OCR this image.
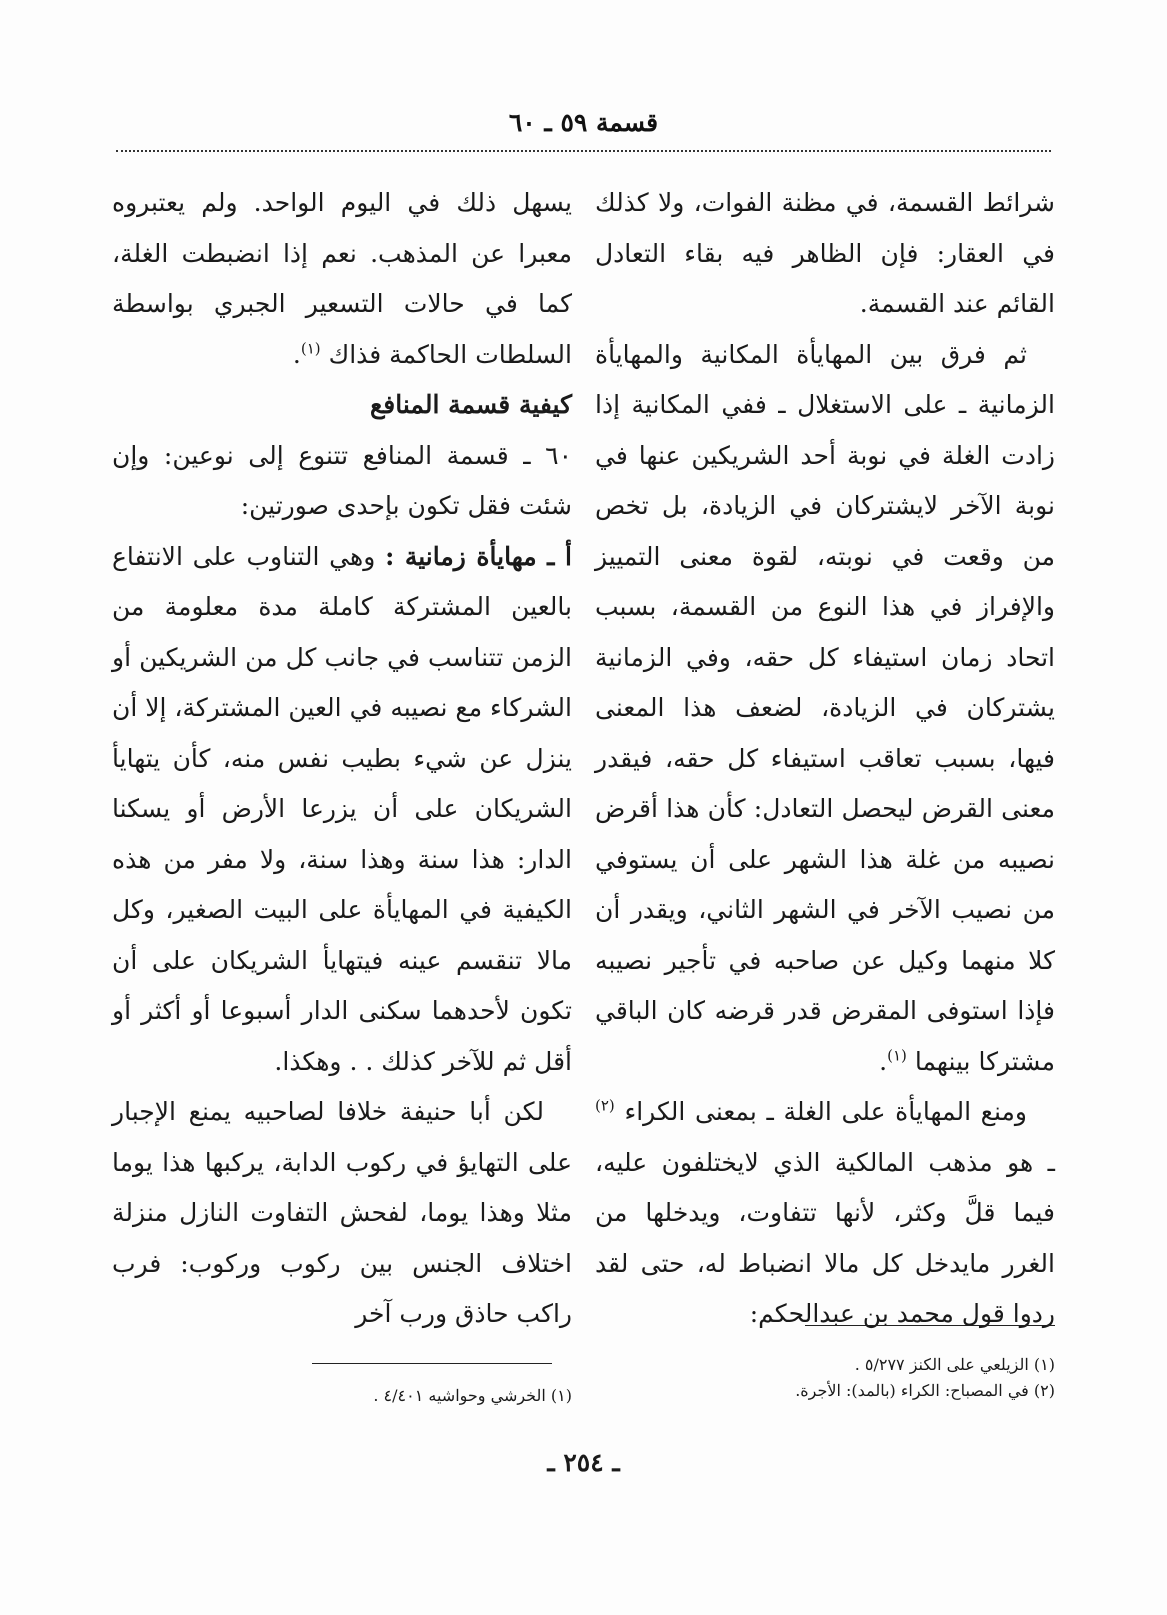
قسمة ٥٩ ـ ٦٠

شرائط القسمة، في مظنة الفوات، ولا كذلك في العقار: فإن الظاهر فيه بقاء التعادل القائم عند القسمة.

ثم فرق بين المهايأة المكانية والمهايأة الزمانية ـ على الاستغلال ـ ففي المكانية إذا زادت الغلة في نوبة أحد الشريكين عنها في نوبة الآخر لايشتركان في الزيادة، بل تخص من وقعت في نوبته، لقوة معنى التمييز والإفراز في هذا النوع من القسمة، بسبب اتحاد زمان استيفاء كل حقه، وفي الزمانية يشتركان في الزيادة، لضعف هذا المعنى فيها، بسبب تعاقب استيفاء كل حقه، فيقدر معنى القرض ليحصل التعادل: كأن هذا أقرض نصيبه من غلة هذا الشهر على أن يستوفي من نصيب الآخر في الشهر الثاني، ويقدر أن كلا منهما وكيل عن صاحبه في تأجير نصيبه فإذا استوفى المقرض قدر قرضه كان الباقي مشتركا بينهما $^{(١)}$.

ومنع المهايأة على الغلة ـ بمعنى الكراء $^{(٢)}$ ـ هو مذهب المالكية الذي لايختلفون عليه، فيما قلَّ وكثر، لأنها تتفاوت، ويدخلها من الغرر مايدخل كل مالا انضباط له، حتى لقد ردوا قول محمد بن عبدالحكم:

يسهل ذلك في اليوم الواحد. ولم يعتبروه معبرا عن المذهب. نعم إذا انضبطت الغلة، كما في حالات التسعير الجبري بواسطة السلطات الحاكمة فذاك $^{(١)}$.

كيفية قسمة المنافع

٦٠ ـ قسمة المنافع تتنوع إلى نوعين: وإن شئت فقل تكون بإحدى صورتين:

أ ـ مهايأة زمانية : وهي التناوب على الانتفاع بالعين المشتركة كاملة مدة معلومة من الزمن تتناسب في جانب كل من الشريكين أو الشركاء مع نصيبه في العين المشتركة، إلا أن ينزل عن شيء بطيب نفس منه، كأن يتهايأ الشريكان على أن يزرعا الأرض أو يسكنا الدار: هذا سنة وهذا سنة، ولا مفر من هذه الكيفية في المهايأة على البيت الصغير، وكل مالا تنقسم عينه فيتهايأ الشريكان على أن تكون لأحدهما سكنى الدار أسبوعا أو أكثر أو أقل ثم للآخر كذلك . . وهكذا.

لكن أبا حنيفة خلافا لصاحبيه يمنع الإجبار على التهايؤ في ركوب الدابة، يركبها هذا يوما مثلا وهذا يوما، لفحش التفاوت النازل منزلة اختلاف الجنس بين ركوب وركوب: فرب راكب حاذق ورب آخر

(١) الزيلعي على الكنز ٥/٢٧٧ .

(٢) في المصباح: الكراء (بالمد): الأجرة.

(١) الخرشي وحواشيه ٤/٤٠١ .

ـ ٢٥٤ ـ
